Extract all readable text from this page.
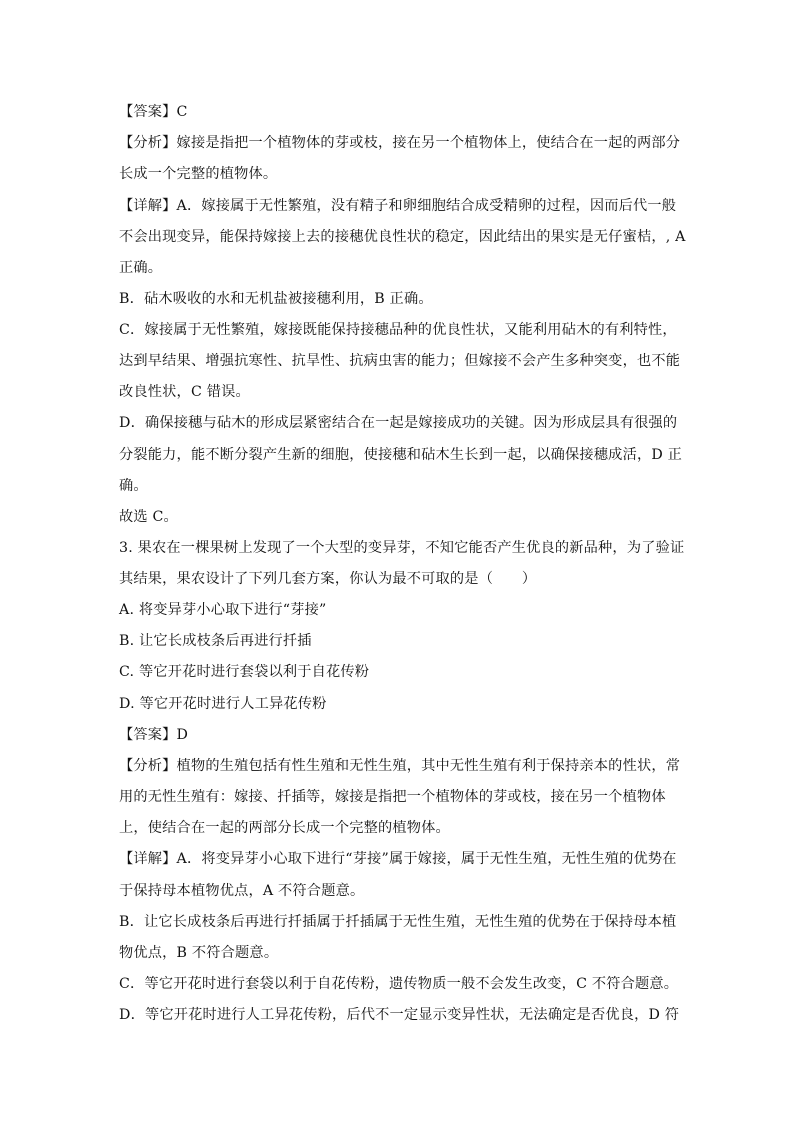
【答案】C
【分析】嫁接是指把一个植物体的芽或枝，接在另一个植物体上，使结合在一起的两部分
长成一个完整的植物体。
【详解】A．嫁接属于无性繁殖，没有精子和卵细胞结合成受精卵的过程，因而后代一般
不会出现变异，能保持嫁接上去的接穗优良性状的稳定，因此结出的果实是无仔蜜桔，, A
正确。
B．砧木吸收的水和无机盐被接穗利用，B 正确。
C．嫁接属于无性繁殖，嫁接既能保持接穗品种的优良性状，又能利用砧木的有利特性，
达到早结果、增强抗寒性、抗旱性、抗病虫害的能力；但嫁接不会产生多种突变，也不能
改良性状，C 错误。
D．确保接穗与砧木的形成层紧密结合在一起是嫁接成功的关键。因为形成层具有很强的
分裂能力，能不断分裂产生新的细胞，使接穗和砧木生长到一起，以确保接穗成活，D 正
确。
故选 C。
3. 果农在一棵果树上发现了一个大型的变异芽，不知它能否产生优良的新品种，为了验证
其结果，果农设计了下列几套方案，你认为最不可取的是（　　）
A. 将变异芽小心取下进行“芽接”
B. 让它长成枝条后再进行扦插
C. 等它开花时进行套袋以利于自花传粉
D. 等它开花时进行人工异花传粉
【答案】D
【分析】植物的生殖包括有性生殖和无性生殖，其中无性生殖有利于保持亲本的性状，常
用的无性生殖有：嫁接、扦插等，嫁接是指把一个植物体的芽或枝，接在另一个植物体
上，使结合在一起的两部分长成一个完整的植物体。
【详解】A．将变异芽小心取下进行“芽接”属于嫁接，属于无性生殖，无性生殖的优势在
于保持母本植物优点，A 不符合题意。
B．让它长成枝条后再进行扦插属于扦插属于无性生殖，无性生殖的优势在于保持母本植
物优点，B 不符合题意。
C．等它开花时进行套袋以利于自花传粉，遗传物质一般不会发生改变，C 不符合题意。
D．等它开花时进行人工异花传粉，后代不一定显示变异性状，无法确定是否优良，D 符
